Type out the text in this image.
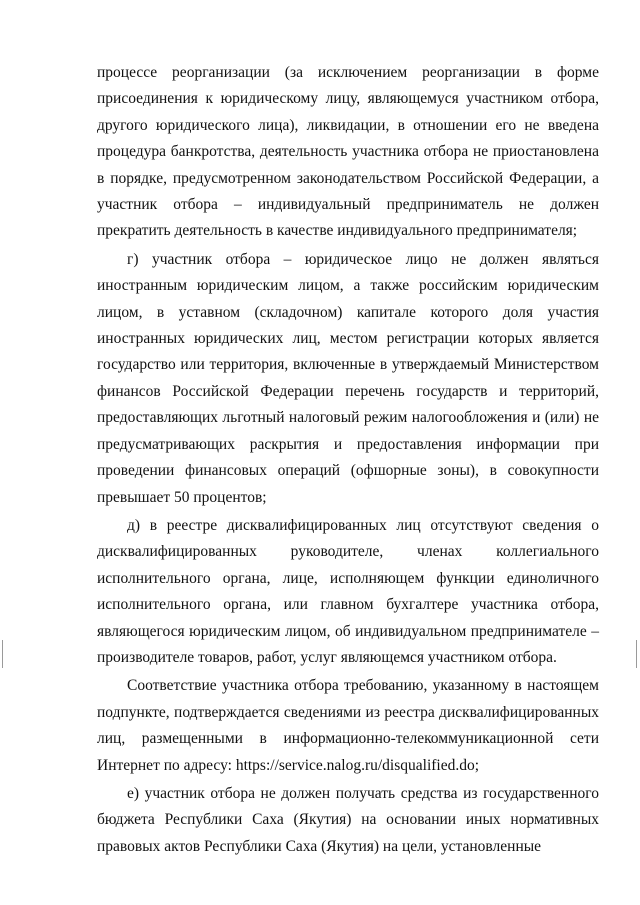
процессе реорганизации (за исключением реорганизации в форме присоединения к юридическому лицу, являющемуся участником отбора, другого юридического лица), ликвидации, в отношении его не введена процедура банкротства, деятельность участника отбора не приостановлена в порядке, предусмотренном законодательством Российской Федерации, а участник отбора – индивидуальный предприниматель не должен прекратить деятельность в качестве индивидуального предпринимателя;

г) участник отбора – юридическое лицо не должен являться иностранным юридическим лицом, а также российским юридическим лицом, в уставном (складочном) капитале которого доля участия иностранных юридических лиц, местом регистрации которых является государство или территория, включенные в утверждаемый Министерством финансов Российской Федерации перечень государств и территорий, предоставляющих льготный налоговый режим налогообложения и (или) не предусматривающих раскрытия и предоставления информации при проведении финансовых операций (офшорные зоны), в совокупности превышает 50 процентов;

д) в реестре дисквалифицированных лиц отсутствуют сведения о дисквалифицированных руководителе, членах коллегиального исполнительного органа, лице, исполняющем функции единоличного исполнительного органа, или главном бухгалтере участника отбора, являющегося юридическим лицом, об индивидуальном предпринимателе – производителе товаров, работ, услуг являющемся участником отбора.

Соответствие участника отбора требованию, указанному в настоящем подпункте, подтверждается сведениями из реестра дисквалифицированных лиц, размещенными в информационно-телекоммуникационной сети Интернет по адресу: https://service.nalog.ru/disqualified.do;

е) участник отбора не должен получать средства из государственного бюджета Республики Саха (Якутия) на основании иных нормативных правовых актов Республики Саха (Якутия) на цели, установленные
